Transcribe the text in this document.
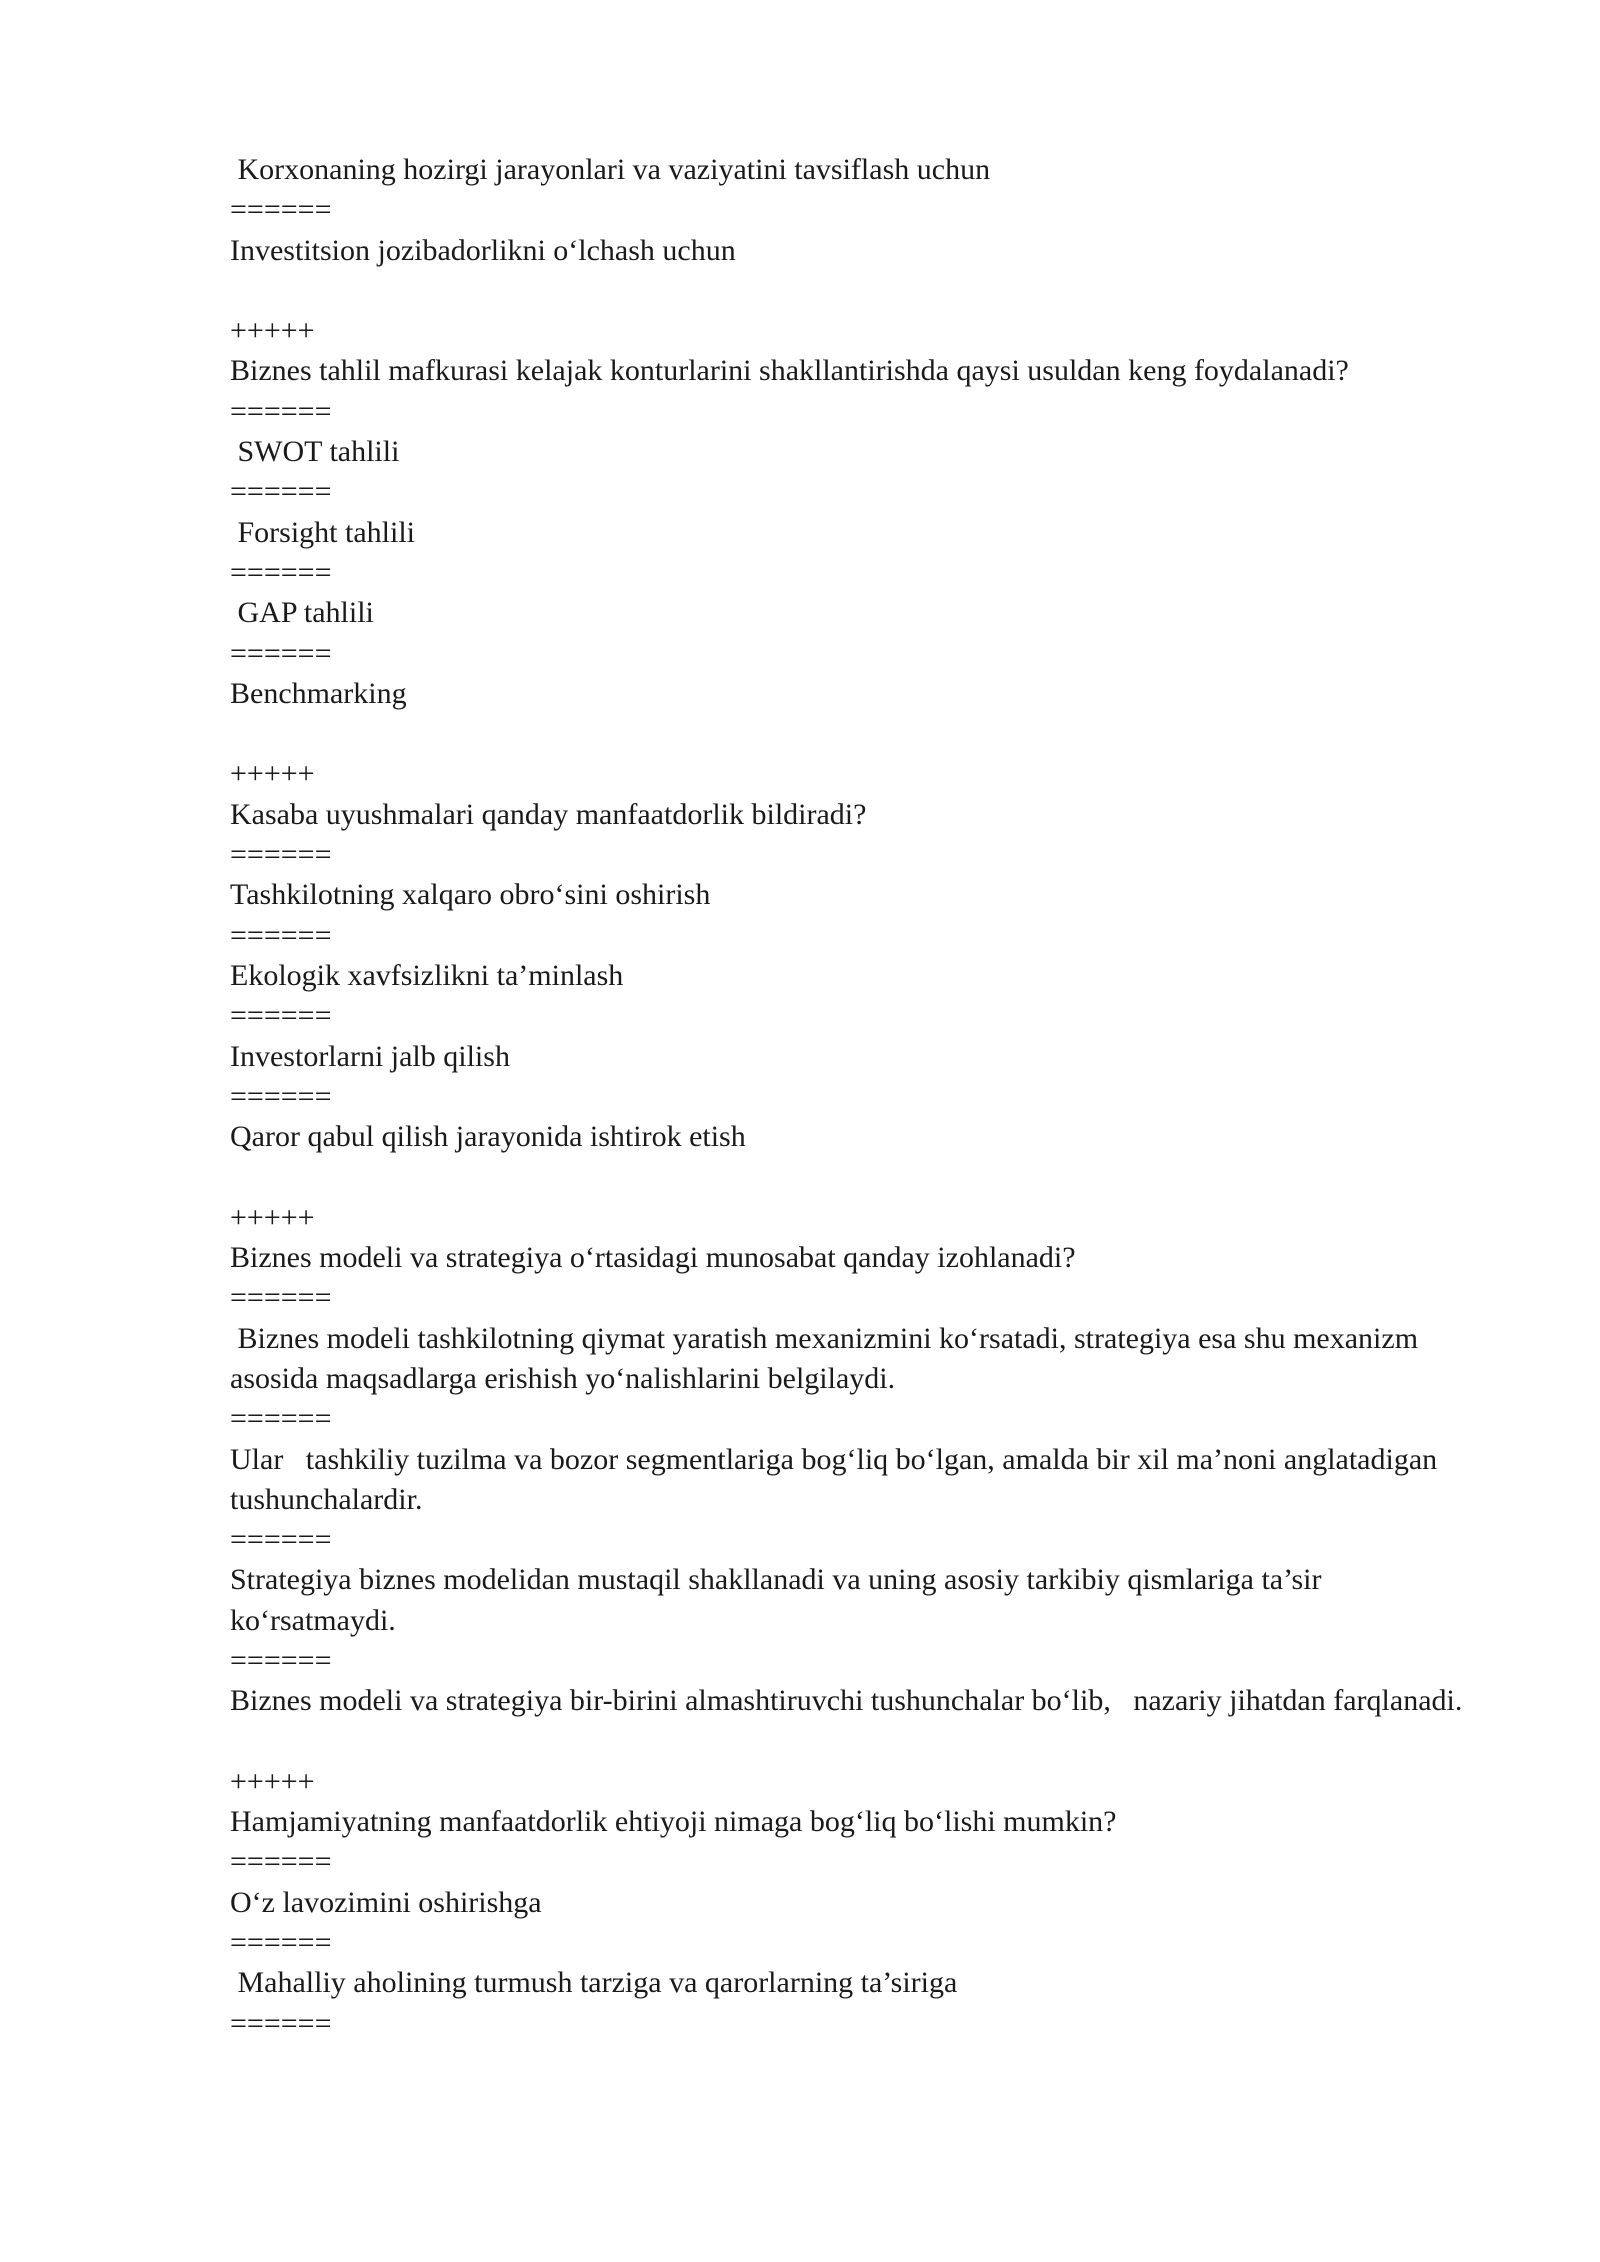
Korxonaning hozirgi jarayonlari va vaziyatini tavsiflash uchun
======
Investitsion jozibadorlikni o‘lchash uchun
+++++
Biznes tahlil mafkurasi kelajak konturlarini shakllantirishda qaysi usuldan keng foydalanadi?
======
SWOT tahlili
======
Forsight tahlili
======
GAP tahlili
======
Benchmarking
+++++
Kasaba uyushmalari qanday manfaatdorlik bildiradi?
======
Tashkilotning xalqaro obro‘sini oshirish
======
Ekologik xavfsizlikni ta’minlash
======
Investorlarni jalb qilish
======
Qaror qabul qilish jarayonida ishtirok etish
+++++
Biznes modeli va strategiya o‘rtasidagi munosabat qanday izohlanadi?
======
Biznes modeli tashkilotning qiymat yaratish mexanizmini ko‘rsatadi, strategiya esa shu mexanizm asosida maqsadlarga erishish yo‘nalishlarini belgilaydi.
======
Ular   tashkiliy tuzilma va bozor segmentlariga bog‘liq bo‘lgan, amalda bir xil ma’noni anglatadigan tushunchalardir.
======
Strategiya biznes modelidan mustaqil shakllanadi va uning asosiy tarkibiy qismlariga ta’sir ko‘rsatmaydi.
======
Biznes modeli va strategiya bir-birini almashtiruvchi tushunchalar bo‘lib,   nazariy jihatdan farqlanadi.
+++++
Hamjamiyatning manfaatdorlik ehtiyoji nimaga bog‘liq bo‘lishi mumkin?
======
O‘z lavozimini oshirishga
======
Mahalliy aholining turmush tarziga va qarorlarning ta’siriga
======
